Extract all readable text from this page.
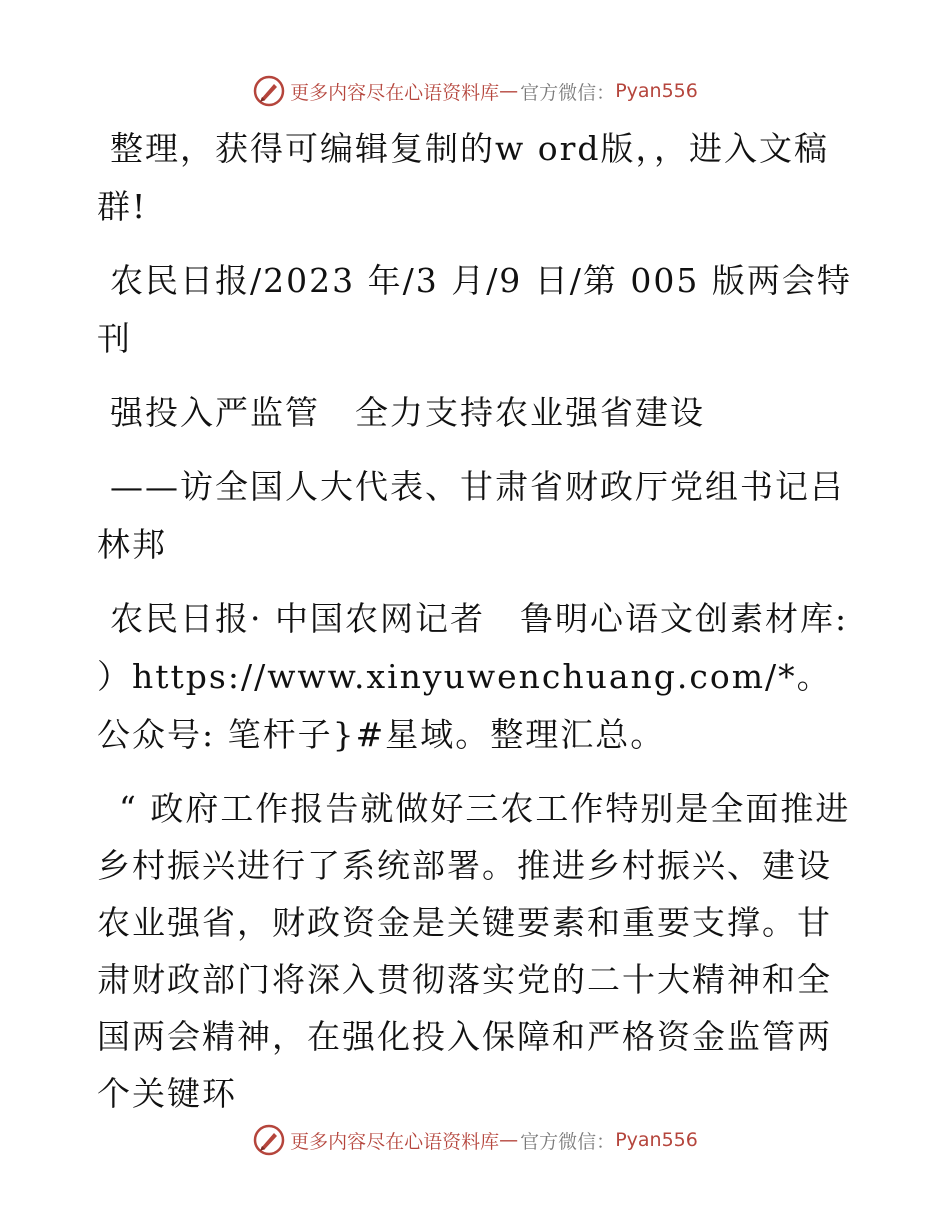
更多内容尽在心语资料库 — 官方微信： Pyan556

整理，获得可编辑复制的w ord版，，进入文稿群!

农民日报/2023 年/3 月/9 日/第 005 版两会特刊

强投入严监管　全力支持农业强省建设

——访全国人大代表、甘肃省财政厅党组书记吕林邦

农民日报· 中国农网记者　鲁明心语文创素材库: ）https://www.xinyuwenchuang.com/*。公众号: 笔杆子}#星域。整理汇总。

“ 政府工作报告就做好三农工作特别是全面推进乡村振兴进行了系统部署。推进乡村振兴、建设农业强省，财政资金是关键要素和重要支撑。甘肃财政部门将深入贯彻落实党的二十大精神和全国两会精神，在强化投入保障和严格资金监管两个关键环

更多内容尽在心语资料库 — 官方微信： Pyan556
